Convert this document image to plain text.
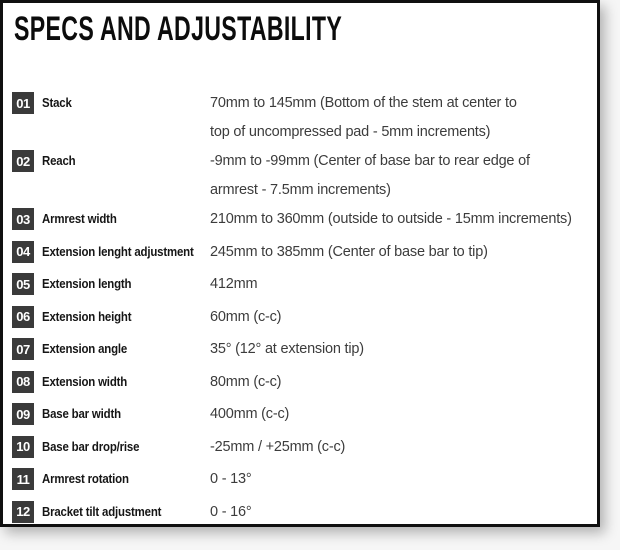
SPECS AND ADJUSTABILITY
01 Stack	70mm to 145mm (Bottom of the stem at center to top of uncompressed pad - 5mm increments)
02 Reach	-9mm to -99mm (Center of base bar to rear edge of armrest - 7.5mm increments)
03 Armrest width	210mm to 360mm (outside to outside - 15mm increments)
04 Extension lenght adjustment	245mm to 385mm (Center of base bar to tip)
05 Extension length	412mm
06 Extension height	60mm (c-c)
07 Extension angle	35° (12° at extension tip)
08 Extension width	80mm (c-c)
09 Base bar width	400mm (c-c)
10 Base bar drop/rise	-25mm / +25mm (c-c)
11 Armrest rotation	0 - 13°
12 Bracket tilt adjustment	0 - 16°
